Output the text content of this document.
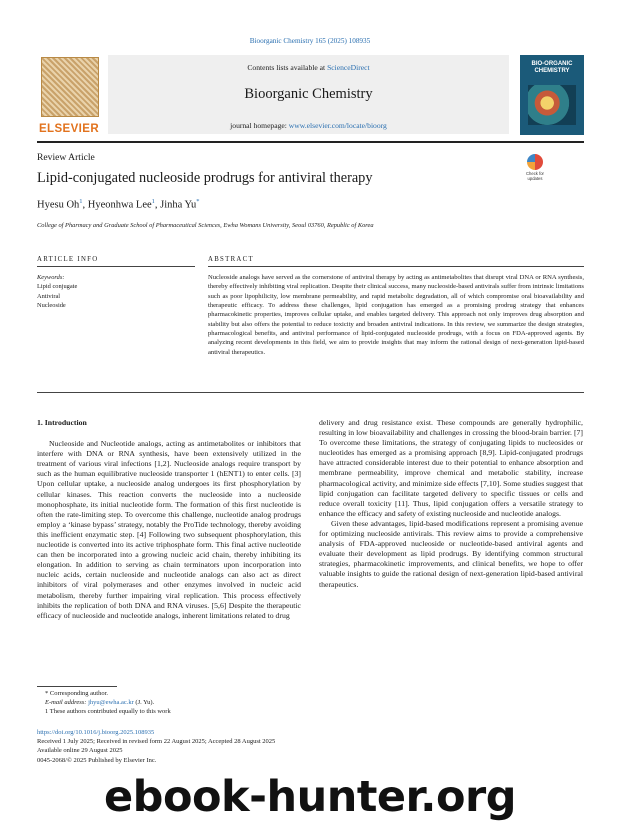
Bioorganic Chemistry 165 (2025) 108935
ELSEVIER
Contents lists available at ScienceDirect
Bioorganic Chemistry
journal homepage: www.elsevier.com/locate/bioorg
BIO-ORGANIC CHEMISTRY
Review Article
Check for updates
Lipid-conjugated nucleoside prodrugs for antiviral therapy
Hyesu Oh$^1$, Hyeonhwa Lee$^1$, Jinha Yu*
College of Pharmacy and Graduate School of Pharmaceutical Sciences, Ewha Womans University, Seoul 03760, Republic of Korea
ARTICLE INFO
Keywords:
Lipid conjugate
Antiviral
Nucleoside
ABSTRACT
Nucleoside analogs have served as the cornerstone of antiviral therapy by acting as antimetabolites that disrupt viral DNA or RNA synthesis, thereby effectively inhibiting viral replication. Despite their clinical success, many nucleoside-based antivirals suffer from intrinsic limitations such as poor lipophilicity, low membrane permeability, and rapid metabolic degradation, all of which compromise oral bioavailability and therapeutic efficacy. To address these challenges, lipid conjugation has emerged as a promising prodrug strategy that enhances pharmacokinetic properties, improves cellular uptake, and enables targeted delivery. This approach not only improves drug absorption and stability but also offers the potential to reduce toxicity and broaden antiviral indications. In this review, we summarize the design strategies, pharmacological benefits, and antiviral performance of lipid-conjugated nucleoside prodrugs, with a focus on FDA-approved agents. By analyzing recent developments in this field, we aim to provide insights that may inform the rational design of next-generation lipid-based antiviral therapeutics.

1. Introduction

Nucleoside and Nucleotide analogs, acting as antimetabolites or inhibitors that interfere with DNA or RNA synthesis, have been extensively utilized in the treatment of various viral infections [1,2]. Nucleoside analogs require transport by such as the human equilibrative nucleoside transporter 1 (hENT1) to enter cells. [3] Upon cellular uptake, a nucleoside analog undergoes its first phosphorylation by cellular kinases. This reaction converts the nucleoside into a nucleoside monophosphate, its initial nucleotide form. The formation of this first nucleotide is often the rate-limiting step. To overcome this challenge, nucleotide analog prodrugs employ a ‘kinase bypass’ strategy, notably the ProTide technology, thereby avoiding this inefficient enzymatic step. [4] Following two subsequent phosphorylation, this nucleotide is converted into its active triphosphate form. This final active nucleotide can then be incorporated into a growing nucleic acid chain, thereby inhibiting its elongation. In addition to serving as chain terminators upon incorporation into nucleic acids, certain nucleoside and nucleotide analogs can also act as direct inhibitors of viral polymerases and other enzymes involved in nucleic acid metabolism, thereby further impairing viral replication. This process effectively inhibits the replication of both DNA and RNA viruses. [5,6] Despite the therapeutic efficacy of nucleoside and nucleotide analogs, inherent limitations related to drug

delivery and drug resistance exist. These compounds are generally hydrophilic, resulting in low bioavailability and challenges in crossing the blood-brain barrier. [7] To overcome these limitations, the strategy of conjugating lipids to nucleosides or nucleotides has emerged as a promising approach [8,9]. Lipid-conjugated prodrugs have attracted considerable interest due to their potential to enhance absorption and membrane permeability, improve chemical and metabolic stability, increase pharmacological activity, and minimize side effects [7,10]. Some studies suggest that lipid conjugation can facilitate targeted delivery to specific tissues or cells and reduce overall toxicity [11]. Thus, lipid conjugation offers a versatile strategy to enhance the efficacy and safety of existing nucleoside and nucleotide analogs.

Given these advantages, lipid-based modifications represent a promising avenue for optimizing nucleoside antivirals. This review aims to provide a comprehensive analysis of FDA-approved nucleoside or nucleotide-based antiviral agents and evaluate their development as lipid prodrugs. By identifying common structural strategies, pharmacokinetic improvements, and clinical benefits, we hope to offer valuable insights to guide the rational design of next-generation lipid-based antiviral therapeutics.

* Corresponding author.
E-mail address: jhyu@ewha.ac.kr (J. Yu).
1 These authors contributed equally to this work
https://doi.org/10.1016/j.bioorg.2025.108935
Received 1 July 2025; Received in revised form 22 August 2025; Accepted 28 August 2025
Available online 29 August 2025
0045-2068/© 2025 Published by Elsevier Inc.
ebook-hunter.org
